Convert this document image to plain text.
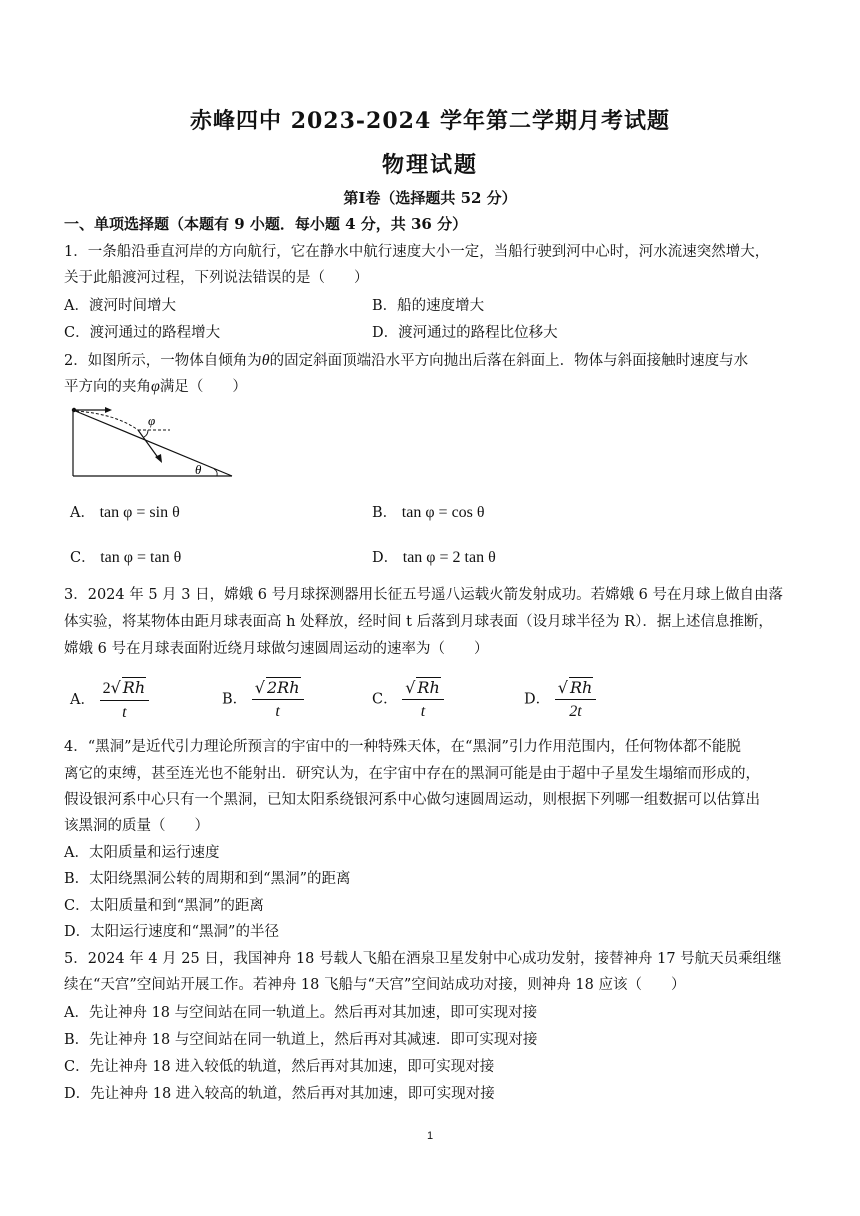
赤峰四中 2023-2024 学年第二学期月考试题
物理试题
第Ⅰ卷（选择题共 52 分）
一、单项选择题（本题有 9 小题．每小题 4 分，共 36 分）
1．一条船沿垂直河岸的方向航行，它在静水中航行速度大小一定，当船行驶到河中心时，河水流速突然增大，
关于此船渡河过程，下列说法错误的是（　　）
A．渡河时间增大	B．船的速度增大
C．渡河通过的路程增大	D．渡河通过的路程比位移大
2．如图所示，一物体自倾角为θ的固定斜面顶端沿水平方向抛出后落在斜面上．物体与斜面接触时速度与水
平方向的夹角φ满足（　　）
φ
θ
A． tan φ = sin θ	B． tan φ = cos θ
C． tan φ = tan θ	D． tan φ = 2 tan θ
3．2024 年 5 月 3 日，嫦娥 6 号月球探测器用长征五号遥八运载火箭发射成功。若嫦娥 6 号在月球上做自由落
体实验，将某物体由距月球表面高 h 处释放，经时间 t 后落到月球表面（设月球半径为 R）．据上述信息推断，
嫦娥 6 号在月球表面附近绕月球做匀速圆周运动的速率为（　　）
A． $\frac{2√ Rh}{t}$	B． $\frac{√ 2Rh}{t}$	C． $\frac{√ Rh}{t}$	D． $\frac{√ Rh}{2t}$
4．“黑洞”是近代引力理论所预言的宇宙中的一种特殊天体，在“黑洞”引力作用范围内，任何物体都不能脱
离它的束缚，甚至连光也不能射出．研究认为，在宇宙中存在的黑洞可能是由于超中子星发生塌缩而形成的，
假设银河系中心只有一个黑洞，已知太阳系绕银河系中心做匀速圆周运动，则根据下列哪一组数据可以估算出
该黑洞的质量（　　）
A．太阳质量和运行速度
B．太阳绕黑洞公转的周期和到“黑洞”的距离
C．太阳质量和到“黑洞”的距离
D．太阳运行速度和“黑洞”的半径
5．2024 年 4 月 25 日，我国神舟 18 号载人飞船在酒泉卫星发射中心成功发射，接替神舟 17 号航天员乘组继
续在“天宫”空间站开展工作。若神舟 18 飞船与“天宫”空间站成功对接，则神舟 18 应该（　　）
A．先让神舟 18 与空间站在同一轨道上。然后再对其加速，即可实现对接
B．先让神舟 18 与空间站在同一轨道上，然后再对其减速．即可实现对接
C．先让神舟 18 进入较低的轨道，然后再对其加速，即可实现对接
D．先让神舟 18 进入较高的轨道，然后再对其加速，即可实现对接
1
